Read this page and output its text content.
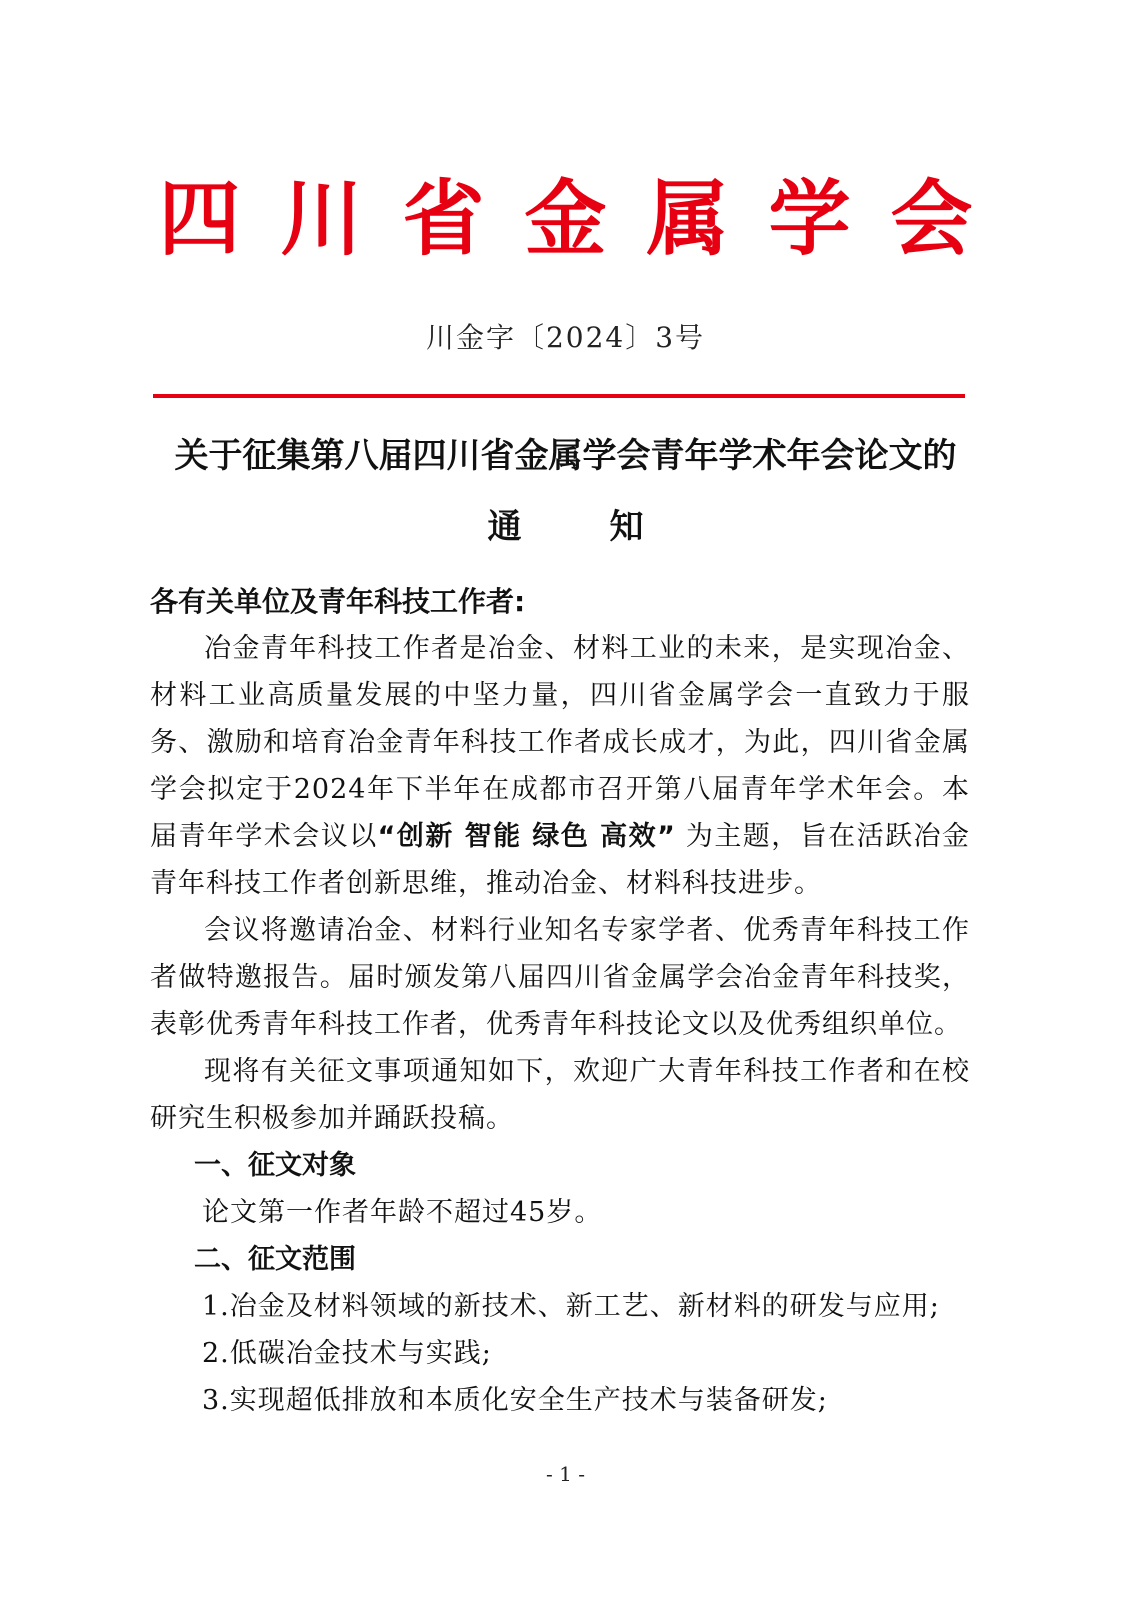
四川省金属学会
川金字〔2024〕3号
关于征集第八届四川省金属学会青年学术年会论文的
通知

各有关单位及青年科技工作者:

冶金青年科技工作者是冶金、材料工业的未来，是实现冶金、材料工业高质量发展的中坚力量，四川省金属学会一直致力于服务、激励和培育冶金青年科技工作者成长成才，为此，四川省金属学会拟定于2024年下半年在成都市召开第八届青年学术年会。本届青年学术会议以“创新 智能 绿色 高效” 为主题，旨在活跃冶金青年科技工作者创新思维，推动冶金、材料科技进步。

会议将邀请冶金、材料行业知名专家学者、优秀青年科技工作者做特邀报告。届时颁发第八届四川省金属学会冶金青年科技奖，表彰优秀青年科技工作者，优秀青年科技论文以及优秀组织单位。

现将有关征文事项通知如下，欢迎广大青年科技工作者和在校研究生积极参加并踊跃投稿。

一、征文对象

论文第一作者年龄不超过45岁。

二、征文范围

1.冶金及材料领域的新技术、新工艺、新材料的研发与应用;

2.低碳冶金技术与实践;

3.实现超低排放和本质化安全生产技术与装备研发;

- 1 -
